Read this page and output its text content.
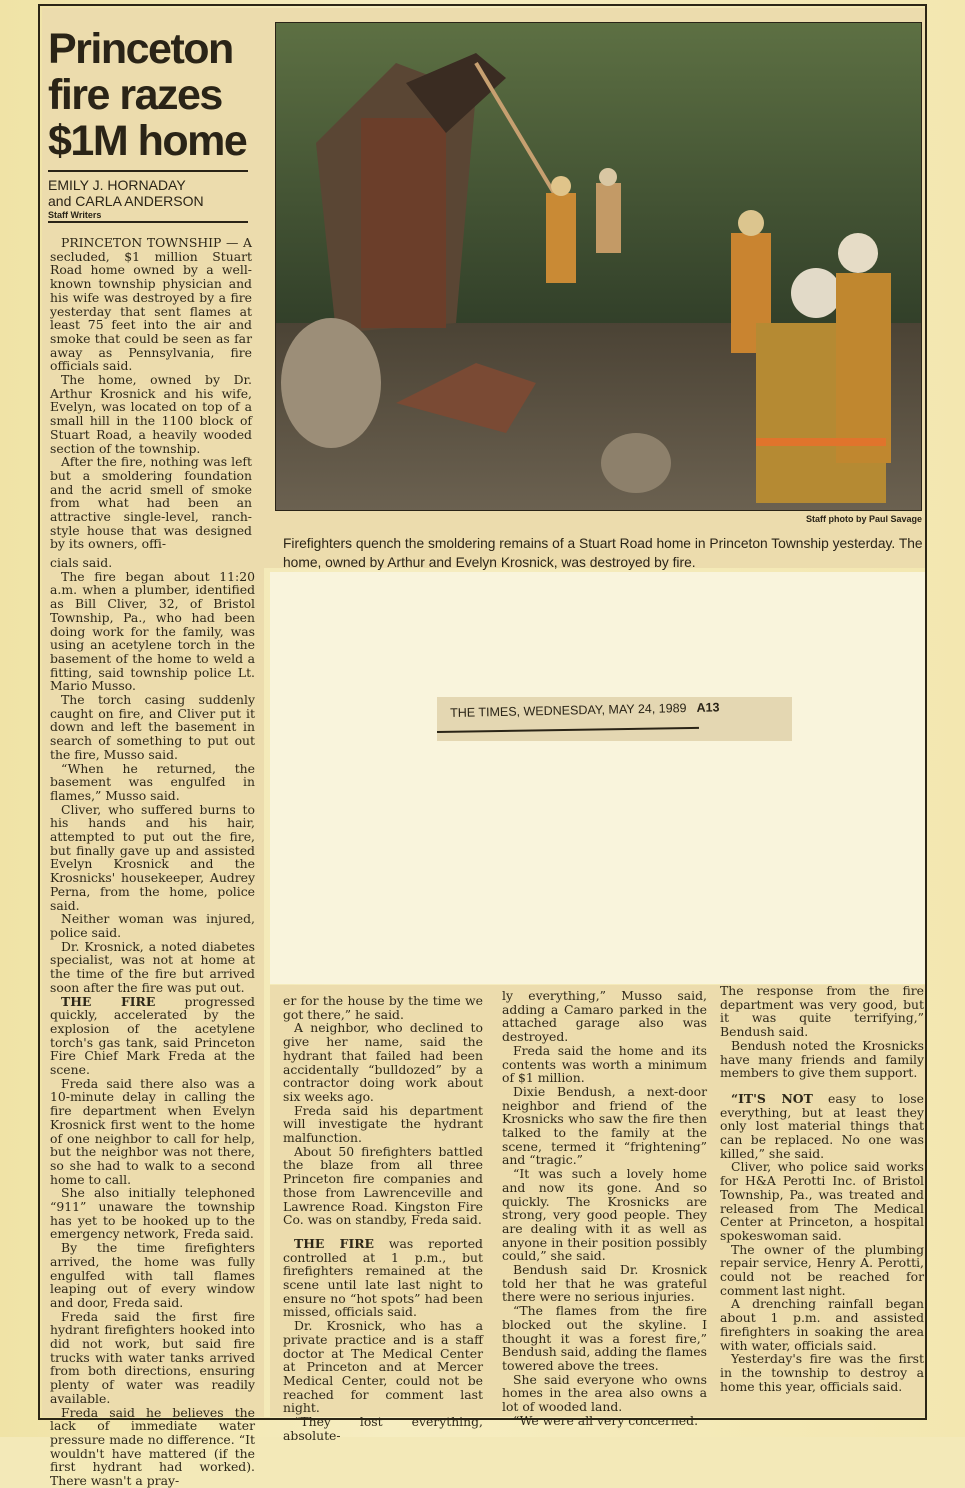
Princeton
fire razes
$1M home
EMILY J. HORNADAY
and CARLA ANDERSON
Staff Writers

PRINCETON TOWNSHIP — A secluded, $1 million Stuart Road home owned by a well-known township physician and his wife was destroyed by a fire yesterday that sent flames at least 75 feet into the air and smoke that could be seen as far away as Pennsylvania, fire officials said.

The home, owned by Dr. Arthur Krosnick and his wife, Evelyn, was located on top of a small hill in the 1100 block of Stuart Road, a heavily wooded section of the township.

After the fire, nothing was left but a smoldering foundation and the acrid smell of smoke from what had been an attractive single-level, ranch-style house that was designed by its owners, offi-

Staff photo by Paul Savage
Firefighters quench the smoldering remains of a Stuart Road home in Princeton Township yesterday. The home, owned by Arthur and Evelyn Krosnick, was destroyed by fire.

cials said.

The fire began about 11:20 a.m. when a plumber, identified as Bill Cliver, 32, of Bristol Township, Pa., who had been doing work for the family, was using an acetylene torch in the basement of the home to weld a fitting, said township police Lt. Mario Musso.

The torch casing suddenly caught on fire, and Cliver put it down and left the basement in search of something to put out the fire, Musso said.

“When he returned, the basement was engulfed in flames,” Musso said.

Cliver, who suffered burns to his hands and his hair, attempted to put out the fire, but finally gave up and assisted Evelyn Krosnick and the Krosnicks' housekeeper, Audrey Perna, from the home, police said.

Neither woman was injured, police said.

Dr. Krosnick, a noted diabetes specialist, was not at home at the time of the fire but arrived soon after the fire was put out.

THE FIRE progressed quickly, accelerated by the explosion of the acetylene torch's gas tank, said Princeton Fire Chief Mark Freda at the scene.

Freda said there also was a 10-minute delay in calling the fire department when Evelyn Krosnick first went to the home of one neighbor to call for help, but the neighbor was not there, so she had to walk to a second home to call.

She also initially telephoned “911” unaware the township has yet to be hooked up to the emergency network, Freda said.

By the time firefighters arrived, the home was fully engulfed with tall flames leaping out of every window and door, Freda said.

Freda said the first fire hydrant firefighters hooked into did not work, but said fire trucks with water tanks arrived from both directions, ensuring plenty of water was readily available.

Freda said he believes the lack of immediate water pressure made no difference. “It wouldn't have mattered (if the first hydrant had worked). There wasn't a pray-

THE TIMES, WEDNESDAY, MAY 24, 1989 A13

er for the house by the time we got there,” he said.

A neighbor, who declined to give her name, said the hydrant that failed had been accidentally “bulldozed” by a contractor doing work about six weeks ago.

Freda said his department will investigate the hydrant malfunction.

About 50 firefighters battled the blaze from all three Princeton fire companies and those from Lawrenceville and Lawrence Road. Kingston Fire Co. was on standby, Freda said.

THE FIRE was reported controlled at 1 p.m., but firefighters remained at the scene until late last night to ensure no “hot spots” had been missed, officials said.

Dr. Krosnick, who has a private practice and is a staff doctor at The Medical Center at Princeton and at Mercer Medical Center, could not be reached for comment last night.

“They lost everything, absolute-

ly everything,” Musso said, adding a Camaro parked in the attached garage also was destroyed.

Freda said the home and its contents was worth a minimum of $1 million.

Dixie Bendush, a next-door neighbor and friend of the Krosnicks who saw the fire then talked to the family at the scene, termed it “frightening” and “tragic.”

“It was such a lovely home and now its gone. And so quickly. The Krosnicks are strong, very good people. They are dealing with it as well as anyone in their position possibly could,” she said.

Bendush said Dr. Krosnick told her that he was grateful there were no serious injuries.

“The flames from the fire blocked out the skyline. I thought it was a forest fire,” Bendush said, adding the flames towered above the trees.

She said everyone who owns homes in the area also owns a lot of wooded land.

“We were all very concerned.

The response from the fire department was very good, but it was quite terrifying,” Bendush said.

Bendush noted the Krosnicks have many friends and family members to give them support.

“IT'S NOT easy to lose everything, but at least they only lost material things that can be replaced. No one was killed,” she said.

Cliver, who police said works for H&A Perotti Inc. of Bristol Township, Pa., was treated and released from The Medical Center at Princeton, a hospital spokeswoman said.

The owner of the plumbing repair service, Henry A. Perotti, could not be reached for comment last night.

A drenching rainfall began about 1 p.m. and assisted firefighters in soaking the area with water, officials said.

Yesterday's fire was the first in the township to destroy a home this year, officials said.
